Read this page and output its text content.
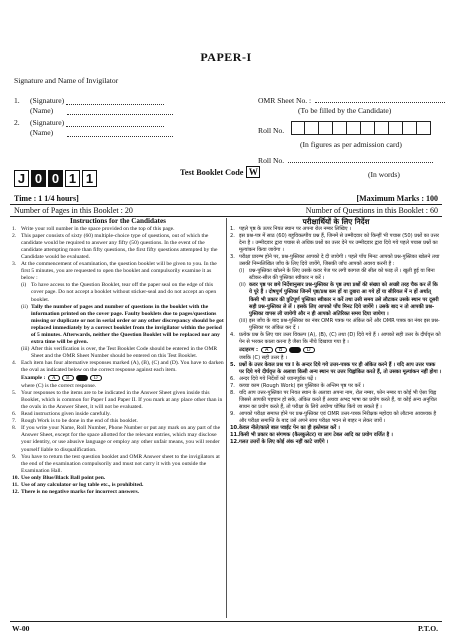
PAPER-I
Signature and Name of Invigilator
1.	(Signature)
(Name)
2.	(Signature)
(Name)
OMR Sheet No. :
(To be filled by the Candidate)
Roll No.
(In figures as per admission card)
Roll No.
(In words)
J 0 0 1 1	Test Booklet Code W
Time : 1 1/4 hours]	[Maximum Marks : 100
Number of Pages in this Booklet : 20	Number of Questions in this Booklet : 60
Instructions for the Candidates
1. Write your roll number in the space provided on the top of this page.
2. This paper consists of sixty (60) multiple-choice type of questions, out of which the candidate would be required to answer any fifty (50) questions. In the event of the candidate attempting more than fifty questions, the first fifty questions attempted by the Candidate would be evaluated.
3. At the commencement of examination, the question booklet will be given to you. In the first 5 minutes, you are requested to open the booklet and compulsorily examine it as below :
(i) To have access to the Question Booklet, tear off the paper seal on the edge of this cover page. Do not accept a booklet without sticker-seal and do not accept an open booklet.
(ii) Tally the number of pages and number of questions in the booklet with the information printed on the cover page. Faulty booklets due to pages/questions missing or duplicate or not in serial order or any other discrepancy should be got replaced immediately by a correct booklet from the invigilator within the period of 5 minutes. Afterwards, neither the Question Booklet will be replaced nor any extra time will be given.
(iii) After this verification is over, the Test Booklet Code should be entered in the OMR Sheet and the OMR Sheet Number should be entered on this Test Booklet.
4. Each item has four alternative responses marked (A), (B), (C) and (D). You have to darken the oval as indicated below on the correct response against each item.
Example :
	A	B	D
where (C) is the correct response.
5. Your responses to the items are to be indicated in the Answer Sheet given inside this Booklet, which is common for Paper I and Paper II. If you mark at any place other than in the ovals in the Answer Sheet, it will not be evaluated.
6. Read instructions given inside carefully.
7. Rough Work is to be done in the end of this booklet.
8. If you write your Name, Roll Number, Phone Number or put any mark on any part of the Answer Sheet, except for the space allotted for the relevant entries, which may disclose your identity, or use abusive language or employ any other unfair means, you will render yourself liable to disqualification.
9. You have to return the test question booklet and OMR Answer sheet to the invigilators at the end of the examination compulsorily and must not carry it with you outside the Examination Hall.
10. Use only Blue/Black Ball point pen.
11. Use of any calculator or log table etc., is prohibited.
12. There is no negative marks for incorrect answers.
परीक्षार्थियों के लिए निर्देश
1. पहले पृष्ठ के ऊपर नियत स्थान पर अपना रोल नम्बर लिखिए ।
2. इस प्रश्न-पत्र में साठ (60) बहुविकल्पीय प्रश्न हैं, जिनमें से उम्मीदवार को किन्हीं भी पचास (50) प्रश्नों का उत्तर देना है । उम्मीदवार द्वारा पचास से अधिक प्रश्नों का उत्तर देने पर उम्मीदवार द्वारा दिये गये पहले पचास प्रश्नों का मूल्यांकन किया जायेगा ।
3. परीक्षा प्रारम्भ होने पर, प्रश्न-पुस्तिका आपको दे दी जायेगी । पहले पाँच मिनट आपको प्रश्न-पुस्तिका खोलने तथा उसकी निम्नलिखित जाँच के लिए दिये जायेंगे, जिसकी जाँच आपको अवश्य करनी है :
(i) प्रश्न-पुस्तिका खोलने के लिए उसके कवर पेज पर लगी कागज की सील को फाड़ लें । खुली हुई या बिना स्टीकर-सील की पुस्तिका स्वीकार न करें ।
(ii) कवर पृष्ठ पर छपे निर्देशानुसार प्रश्न-पुस्तिका के पृष्ठ तथा प्रश्नों की संख्या को अच्छी तरह चैक कर लें कि ये पूरे हैं । दोषपूर्ण पुस्तिका जिनमें पृष्ठ/प्रश्न कम हों या दुबारा आ गये हों या सीरियल में न हों अर्थात् किसी भी प्रकार की त्रुटिपूर्ण पुस्तिका स्वीकार न करें तथा उसी समय उसे लौटाकर उसके स्थान पर दूसरी सही प्रश्न-पुस्तिका ले लें । इसके लिए आपको पाँच मिनट दिये जायेंगे । उसके बाद न तो आपकी प्रश्न-पुस्तिका वापस ली जायेगी और न ही आपको अतिरिक्त समय दिया जायेगा ।
(iii) इस जाँच के बाद प्रश्न-पुस्तिका का नंबर OMR पत्रक पर अंकित करें और OMR पत्रक का नंबर इस प्रश्न-पुस्तिका पर अंकित कर दें ।
4. प्रत्येक प्रश्न के लिए चार उत्तर विकल्प (A), (B), (C) तथा (D) दिये गये हैं । आपको सही उत्तर के दीर्घवृत्त को पेन से भरकर काला करना है जैसा कि नीचे दिखाया गया है ।
उदाहरण :
	A	B	D
जबकि (C) सही उत्तर है ।
5. प्रश्नों के उत्तर केवल प्रश्न पत्र I के अन्दर दिये गये उत्तर-पत्रक पर ही अंकित करने हैं । यदि आप उत्तर पत्रक पर दिये गये दीर्घवृत्त के अलावा किसी अन्य स्थान पर उत्तर चिह्नांकित करते हैं, तो उसका मूल्यांकन नहीं होगा ।
6. अन्दर दिये गये निर्देशों को ध्यानपूर्वक पढ़ें ।
7. कच्चा काम (Rough Work) इस पुस्तिका के अन्तिम पृष्ठ पर करें ।
8. यदि आप उत्तर-पुस्तिका पर नियत स्थान के अलावा अपना नाम, रोल नम्बर, फोन नम्बर या कोई भी ऐसा चिह्न जिससे आपकी पहचान हो सके, अंकित करते हैं अथवा अभद्र भाषा का प्रयोग करते हैं, या कोई अन्य अनुचित साधन का प्रयोग करते हैं, तो परीक्षा के लिये अयोग्य घोषित किये जा सकते हैं ।
9. आपको परीक्षा समाप्त होने पर प्रश्न-पुस्तिका एवं OMR उत्तर-पत्रक निरीक्षक महोदय को लौटाना आवश्यक है और परीक्षा समाप्ति के बाद उसे अपने साथ परीक्षा भवन से बाहर न लेकर जायें ।
10. केवल नीले/काले बाल प्वाईंट पेन का ही इस्तेमाल करें ।
11. किसी भी प्रकार का संगणक (कैलकुलेटर) या लाग टेबल आदि का प्रयोग वर्जित है ।
12. गलत उत्तरों के लिए कोई अंक नहीं काटे जाएँगे ।
W-00	P.T.O.
